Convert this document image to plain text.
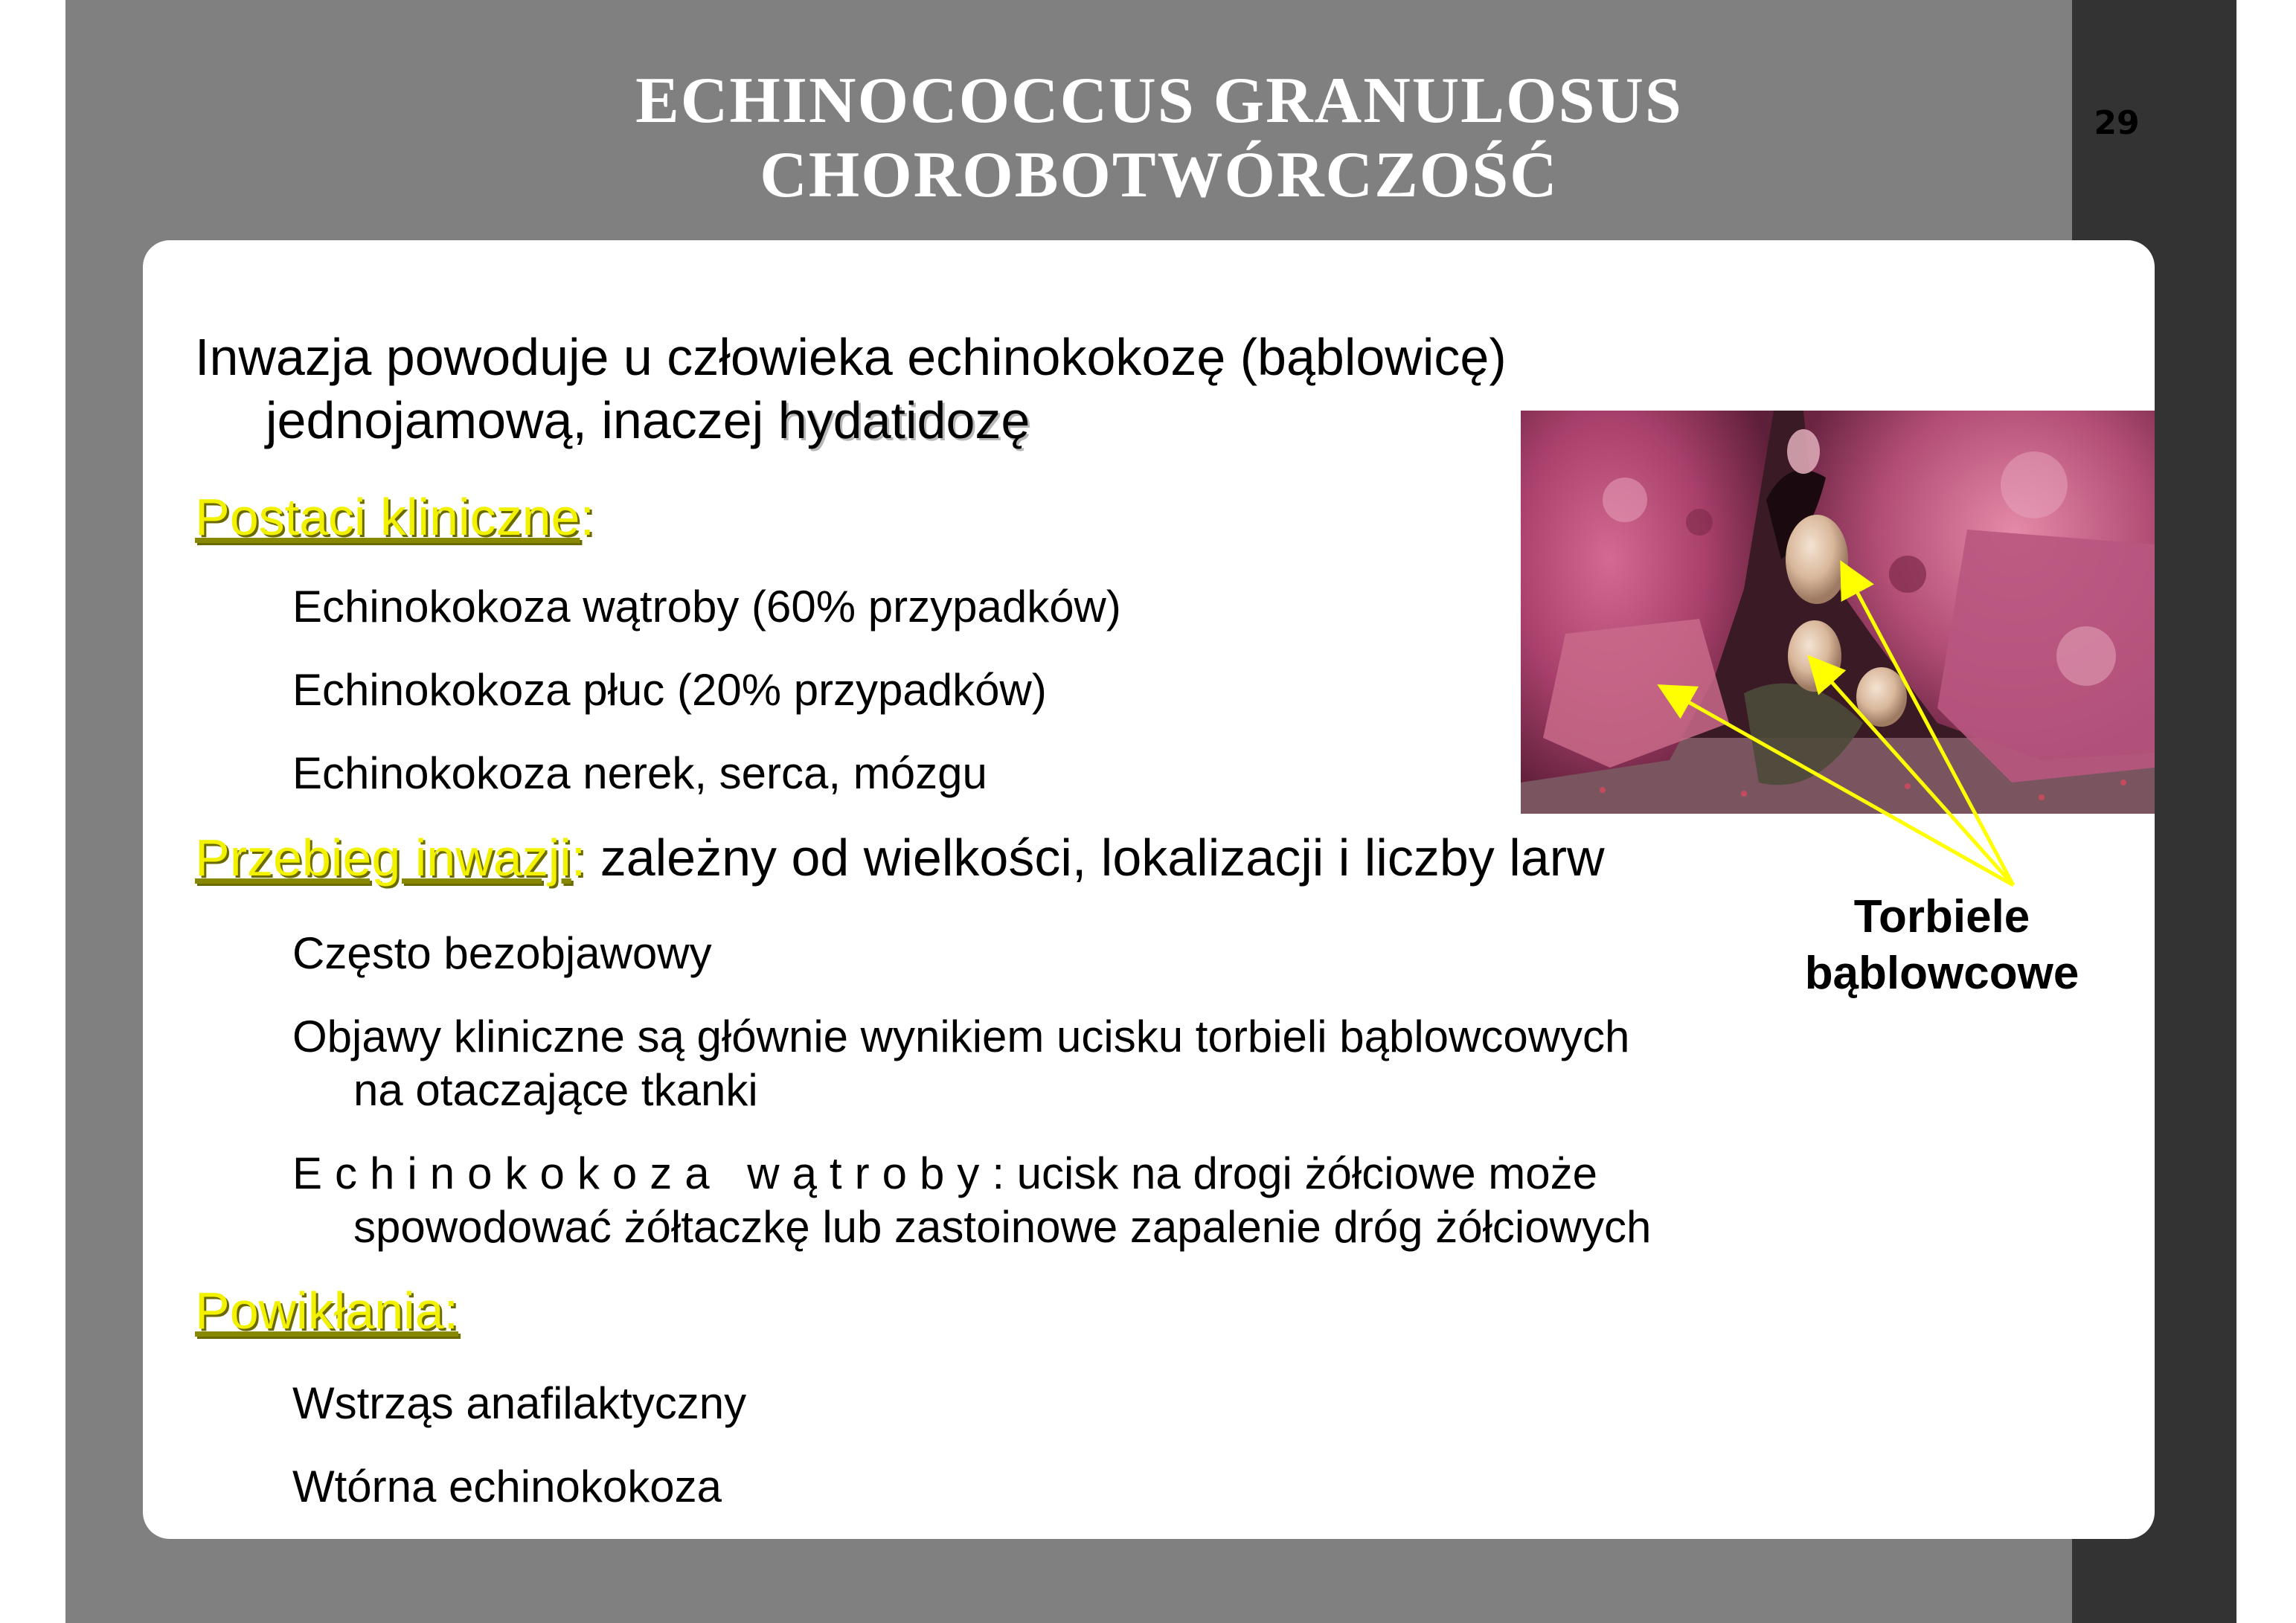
ECHINOCOCCUS GRANULOSUS
CHOROBOTWÓRCZOŚĆ
29
Inwazja powoduje u człowieka echinokokozę (bąblowicę)
jednojamową, inaczej hydatidozę
Postaci kliniczne:
Echinokokoza wątroby (60% przypadków)
Echinokokoza płuc (20% przypadków)
Echinokokoza nerek, serca, mózgu
Przebieg inwazji: zależny od wielkości, lokalizacji i liczby larw
Często bezobjawowy
Objawy kliniczne są głównie wynikiem ucisku torbieli bąblowcowych
na otaczające tkanki
Echinokokoza wątroby: ucisk na drogi żółciowe może
spowodować żółtaczkę lub zastoinowe zapalenie dróg żółciowych
Powikłania:
Wstrząs anafilaktyczny
Wtórna echinokokoza
Torbiele
bąblowcowe
